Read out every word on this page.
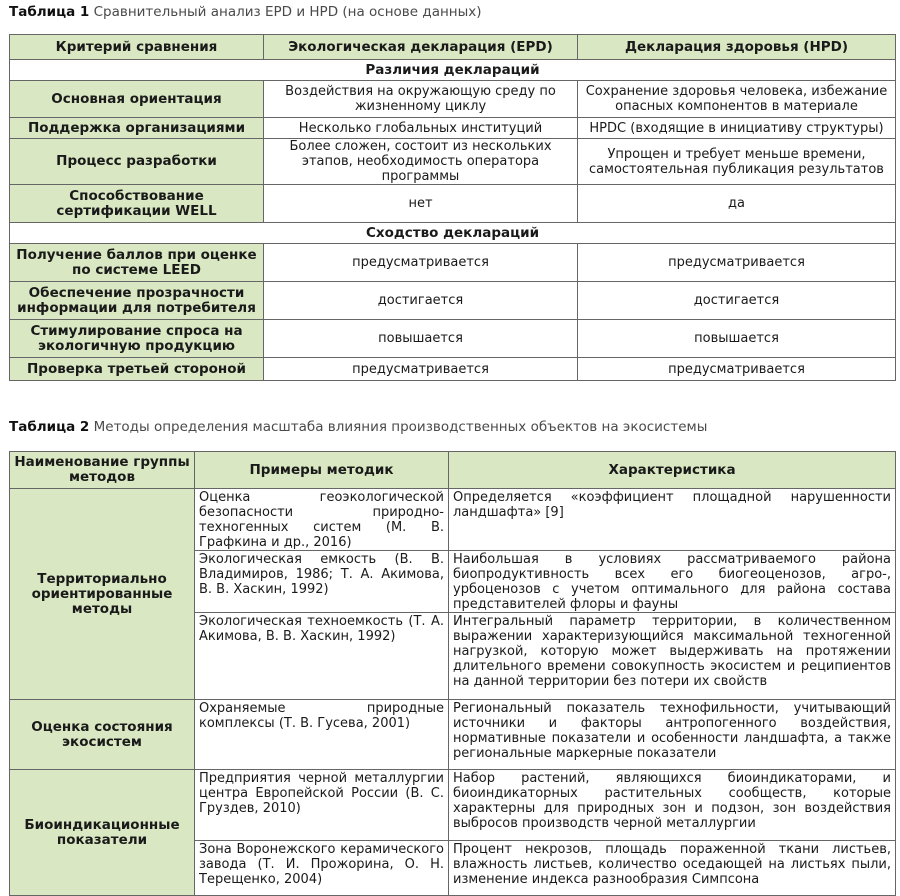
Таблица 1 Сравнительный анализ EPD и HPD (на основе данных)
Критерий сравнения	Экологическая декларация (EPD)	Декларация здоровья (HPD)
Различия деклараций		
Основная ориентация	Воздействия на окружающую среду по жизненному циклу	Сохранение здоровья человека, избежание опасных компонентов в материале
Поддержка организациями	Несколько глобальных институций	HPDC (входящие в инициативу структуры)
Процесс разработки	Более сложен, состоит из нескольких этапов, необходимость оператора программы	Упрощен и требует меньше времени, самостоятельная публикация результатов
Способствование сертификации WELL	нет	да
Сходство деклараций		
Получение баллов при оценке по системе LEED	предусматривается	предусматривается
Обеспечение прозрачности информации для потребителя	достигается	достигается
Стимулирование спроса на экологичную продукцию	повышается	повышается
Проверка третьей стороной	предусматривается	предусматривается
Таблица 2 Методы определения масштаба влияния производственных объектов на экосистемы
Наименование группы методов	Примеры методик	Характеристика
Территориально ориентированные методы	Оценка геоэкологической безопасности природно-техногенных систем (М. В. Графкина и др., 2016)	Определяется «коэффициент площадной нарушенности ландшафта» [9]
	Экологическая емкость (В. В. Владимиров, 1986; Т. А. Акимова, В. В. Хаскин, 1992)	Наибольшая в условиях рассматриваемого района биопродуктивность всех его биогеоценозов, агро-, урбоценозов с учетом оптимального для района состава представителей флоры и фауны
	Экологическая техноемкость (Т. А. Акимова, В. В. Хаскин, 1992)	Интегральный параметр территории, в количественном выражении характеризующийся максимальной техногенной нагрузкой, которую может выдерживать на протяжении длительного времени совокупность экосистем и реципиентов на данной территории без потери их свойств
Оценка состояния экосистем	Охраняемые природные комплексы (Т. В. Гусева, 2001)	Региональный показатель технофильности, учитывающий источники и факторы антропогенного воздействия, нормативные показатели и особенности ландшафта, а также региональные маркерные показатели
Биоиндикационные показатели	Предприятия черной металлургии центра Европейской России (В. С. Груздев, 2010)	Набор растений, являющихся биоиндикаторами, и биоиндикаторных растительных сообществ, которые характерны для природных зон и подзон, зон воздействия выбросов производств черной металлургии
	Зона Воронежского керамического завода (Т. И. Прожорина, О. Н. Терещенко, 2004)	Процент некрозов, площадь пораженной ткани листьев, влажность листьев, количество оседающей на листьях пыли, изменение индекса разнообразия Симпсона
